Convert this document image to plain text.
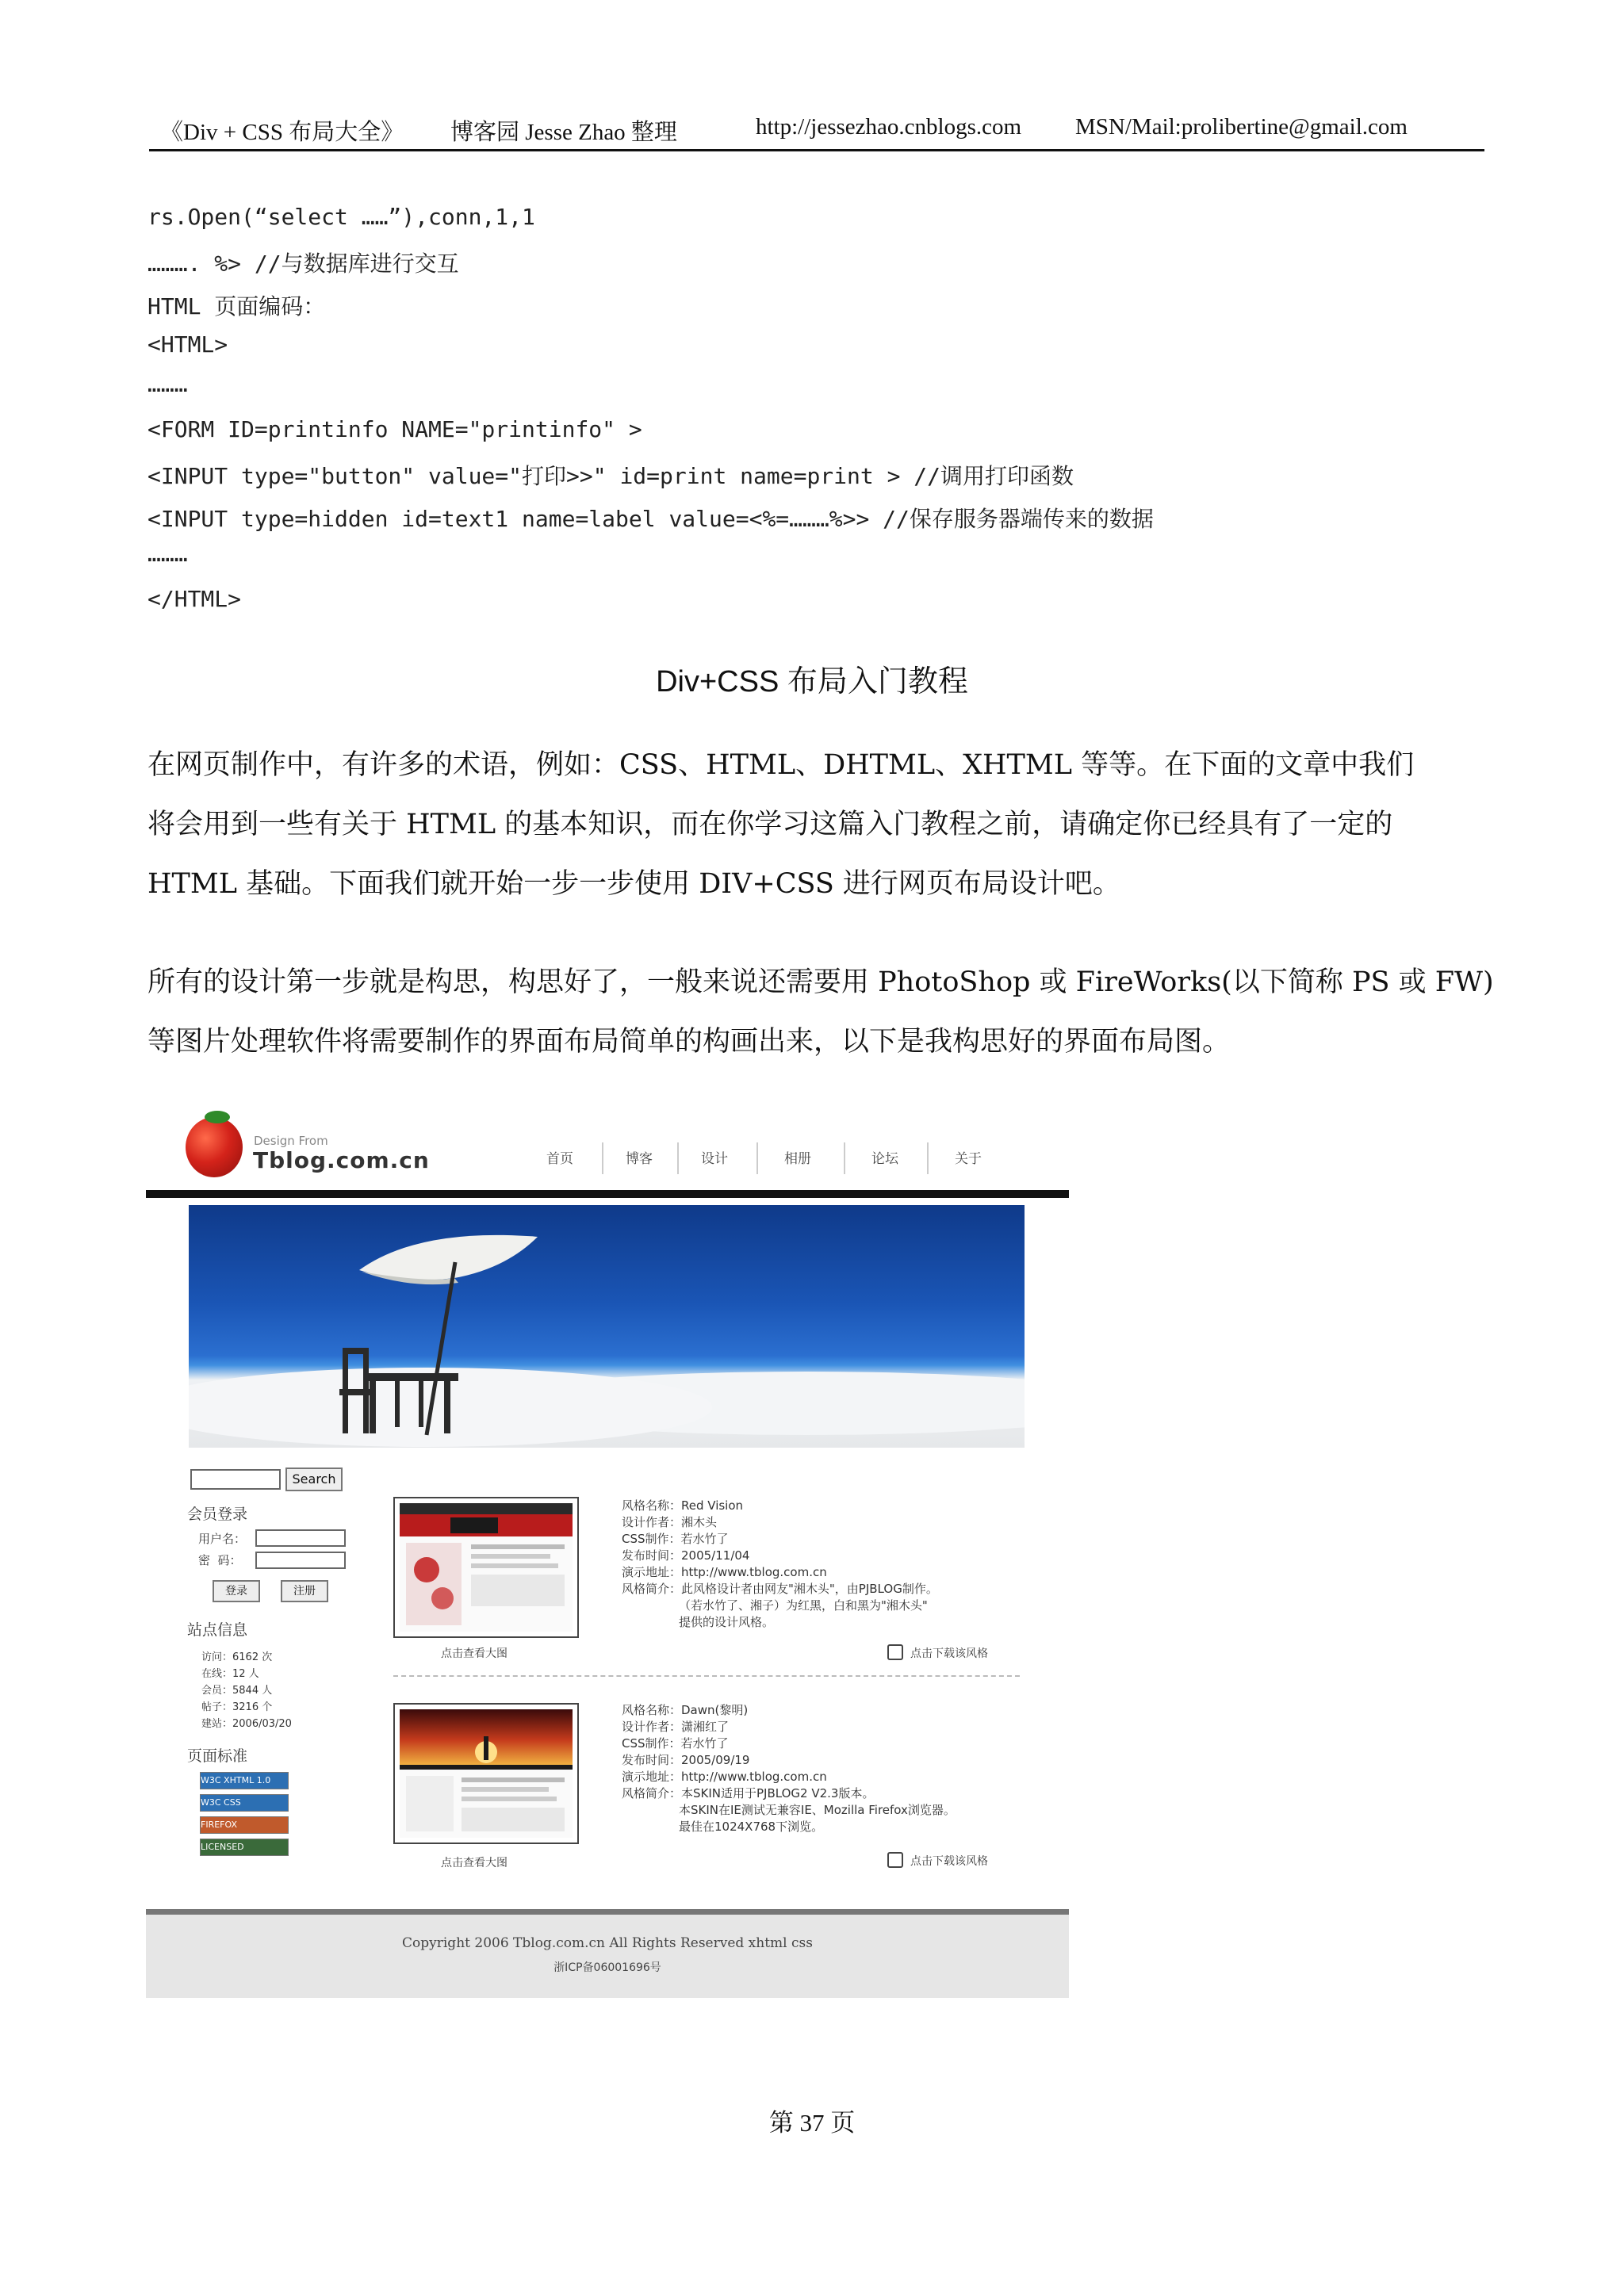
《Div + CSS 布局大全》 博客园 Jesse Zhao 整理	http://jessezhao.cnblogs.com MSN/Mail:prolibertine@gmail.com
rs.Open(“select ……”),conn,1,1
………. %> //与数据库进行交互
HTML 页面编码：
<HTML>
………
<FORM ID=printinfo NAME="printinfo" >
<INPUT type="button" value="打印>>" id=print name=print > //调用打印函数
<INPUT type=hidden id=text1 name=label value=<%=………%>> //保存服务器端传来的数据
………
</HTML>
Div+CSS 布局入门教程
在网页制作中，有许多的术语，例如：CSS、HTML、DHTML、XHTML 等等。在下面的文章中我们
将会用到一些有关于 HTML 的基本知识，而在你学习这篇入门教程之前，请确定你已经具有了一定的
HTML 基础。下面我们就开始一步一步使用 DIV+CSS 进行网页布局设计吧。
所有的设计第一步就是构思，构思好了，一般来说还需要用 PhotoShop 或 FireWorks(以下简称 PS 或 FW)
等图片处理软件将需要制作的界面布局简单的构画出来，以下是我构思好的界面布局图。
Design From
Tblog.com.cn	首页	博客	设计	相册	论坛	关于
Search
会员登录
用户名：
密  码：
登录	注册
站点信息
访问：6162 次
在线：12 人
会员：5844 人
帖子：3216 个
建站：2006/03/20
页面标准
W3C XHTML 1.0
W3C CSS
FIREFOX
LICENSED
风格名称：Red Vision
设计作者：湘木头
CSS制作：若水竹了
发布时间：2005/11/04
演示地址：http://www.tblog.com.cn
风格简介：此风格设计者由网友"湘木头"，由PJBLOG制作。
（若水竹了、湘子）为红黑，白和黑为"湘木头"
提供的设计风格。
点击查看大图	点击下载该风格
风格名称：Dawn(黎明)
设计作者：潇湘红了
CSS制作：若水竹了
发布时间：2005/09/19
演示地址：http://www.tblog.com.cn
风格简介：本SKIN适用于PJBLOG2 V2.3版本。
本SKIN在IE测试无兼容IE、Mozilla Firefox浏览器。
最佳在1024X768下浏览。
点击查看大图	点击下载该风格
Copyright 2006 Tblog.com.cn All Rights Reserved xhtml css
浙ICP备06001696号
第 37 页
